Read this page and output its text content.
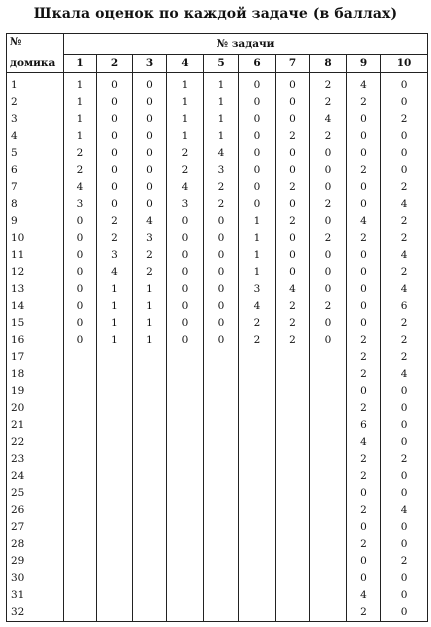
Шкала оценок по каждой задаче (в баллах)
№	№ задачи									
домика	1	2	3	4	5	6	7	8	9	10
1	1	0	0	1	1	0	0	2	4	0
2	1	0	0	1	1	0	0	2	2	0
3	1	0	0	1	1	0	0	4	0	2
4	1	0	0	1	1	0	2	2	0	0
5	2	0	0	2	4	0	0	0	0	0
6	2	0	0	2	3	0	0	0	2	0
7	4	0	0	4	2	0	2	0	0	2
8	3	0	0	3	2	0	0	2	0	4
9	0	2	4	0	0	1	2	0	4	2
10	0	2	3	0	0	1	0	2	2	2
11	0	3	2	0	0	1	0	0	0	4
12	0	4	2	0	0	1	0	0	0	2
13	0	1	1	0	0	3	4	0	0	4
14	0	1	1	0	0	4	2	2	0	6
15	0	1	1	0	0	2	2	0	0	2
16	0	1	1	0	0	2	2	0	2	2
17									2	2
18									2	4
19									0	0
20									2	0
21									6	0
22									4	0
23									2	2
24									2	0
25									0	0
26									2	4
27									0	0
28									2	0
29									0	2
30									0	0
31									4	0
32									2	0
